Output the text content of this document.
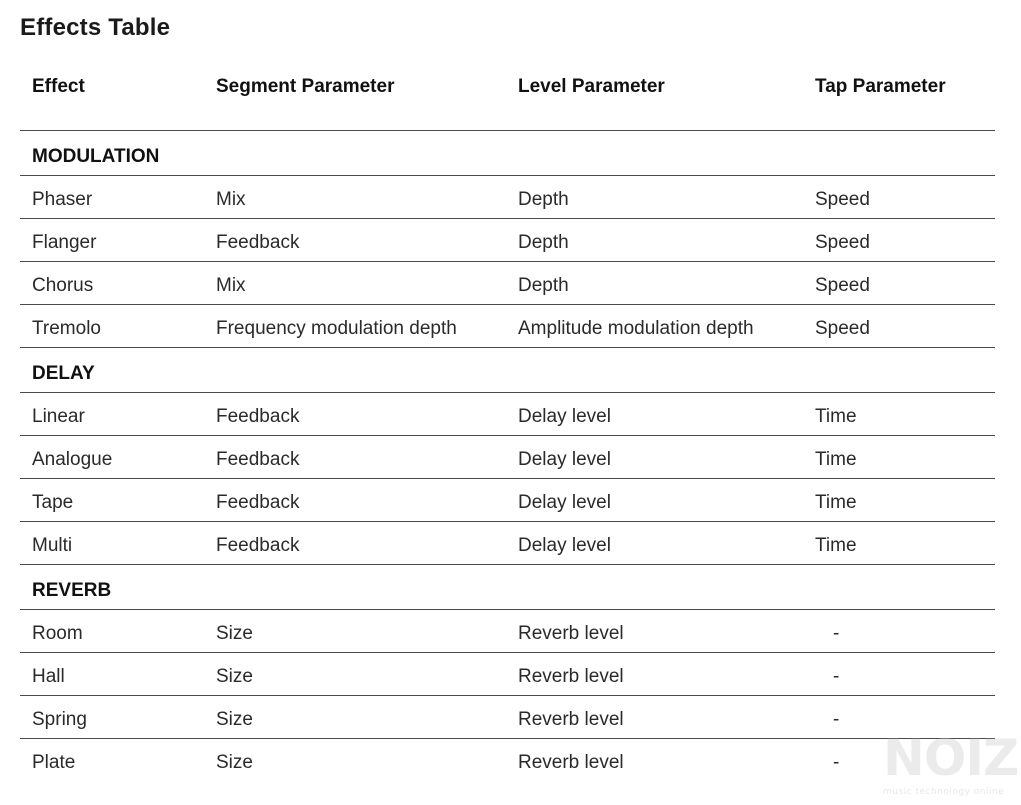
Effects Table
Effect	Segment Parameter	Level Parameter	Tap Parameter
MODULATION
Phaser	Mix	Depth	Speed
Flanger	Feedback	Depth	Speed
Chorus	Mix	Depth	Speed
Tremolo	Frequency modulation depth	Amplitude modulation depth	Speed
DELAY
Linear	Feedback	Delay level	Time
Analogue	Feedback	Delay level	Time
Tape	Feedback	Delay level	Time
Multi	Feedback	Delay level	Time
REVERB
Room	Size	Reverb level	-
Hall	Size	Reverb level	-
Spring	Size	Reverb level	-
Plate	Size	Reverb level	- NOIZ
music technology online
